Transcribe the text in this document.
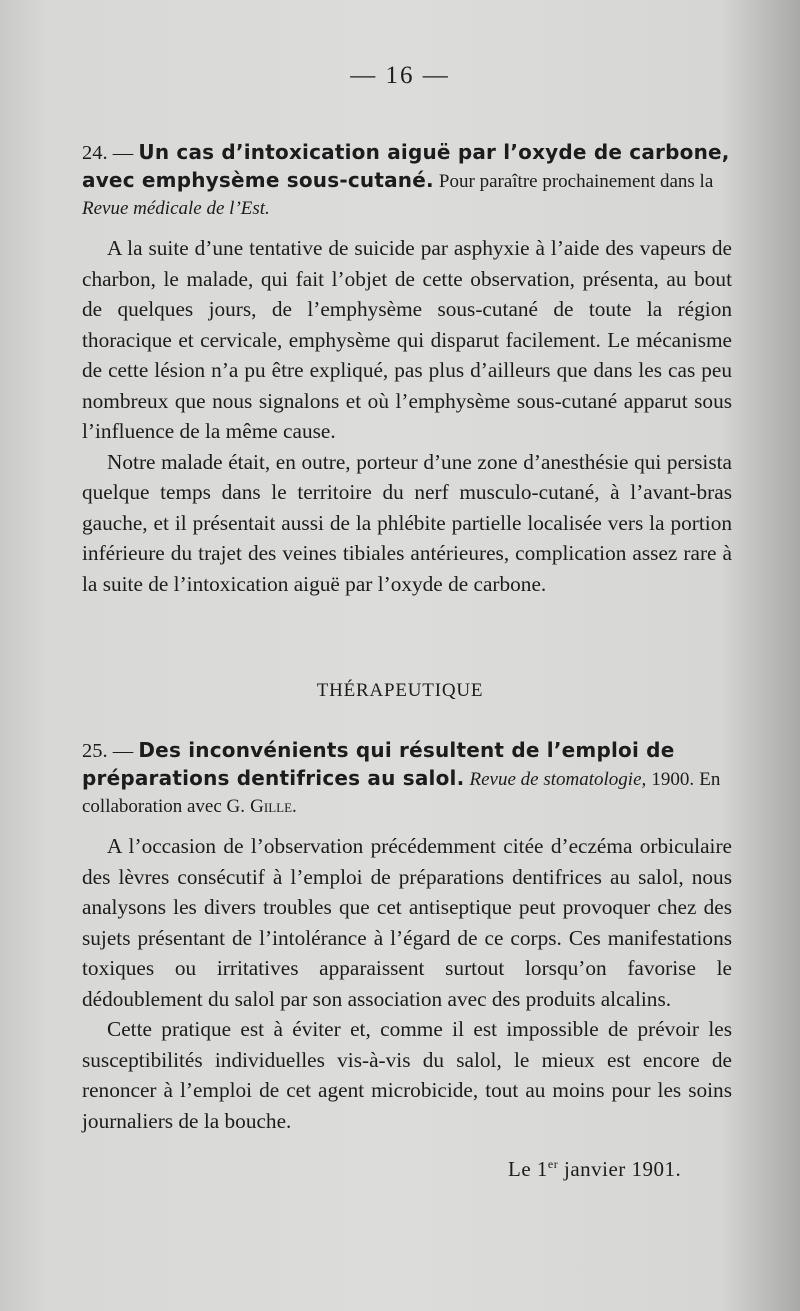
— 16 —

24. — Un cas d’intoxication aiguë par l’oxyde de carbone, avec emphysème sous-cutané. Pour paraître prochainement dans la Revue médicale de l’Est.

A la suite d’une tentative de suicide par asphyxie à l’aide des vapeurs de charbon, le malade, qui fait l’objet de cette observation, présenta, au bout de quelques jours, de l’emphysème sous-cutané de toute la région thoracique et cervicale, emphysème qui disparut facilement. Le mécanisme de cette lésion n’a pu être expliqué, pas plus d’ailleurs que dans les cas peu nombreux que nous signalons et où l’emphysème sous-cutané apparut sous l’influence de la même cause.

Notre malade était, en outre, porteur d’une zone d’anesthésie qui persista quelque temps dans le territoire du nerf musculo-cutané, à l’avant-bras gauche, et il présentait aussi de la phlébite partielle localisée vers la portion inférieure du trajet des veines tibiales antérieures, complication assez rare à la suite de l’intoxication aiguë par l’oxyde de carbone.

THÉRAPEUTIQUE

25. — Des inconvénients qui résultent de l’emploi de préparations dentifrices au salol. Revue de stomatologie, 1900. En collaboration avec G. Gille.

A l’occasion de l’observation précédemment citée d’eczéma orbiculaire des lèvres consécutif à l’emploi de préparations dentifrices au salol, nous analysons les divers troubles que cet antiseptique peut provoquer chez des sujets présentant de l’intolérance à l’égard de ce corps. Ces manifestations toxiques ou irritatives apparaissent surtout lorsqu’on favorise le dédoublement du salol par son association avec des produits alcalins.

Cette pratique est à éviter et, comme il est impossible de prévoir les susceptibilités individuelles vis-à-vis du salol, le mieux est encore de renoncer à l’emploi de cet agent microbicide, tout au moins pour les soins journaliers de la bouche.

Le 1er janvier 1901.
